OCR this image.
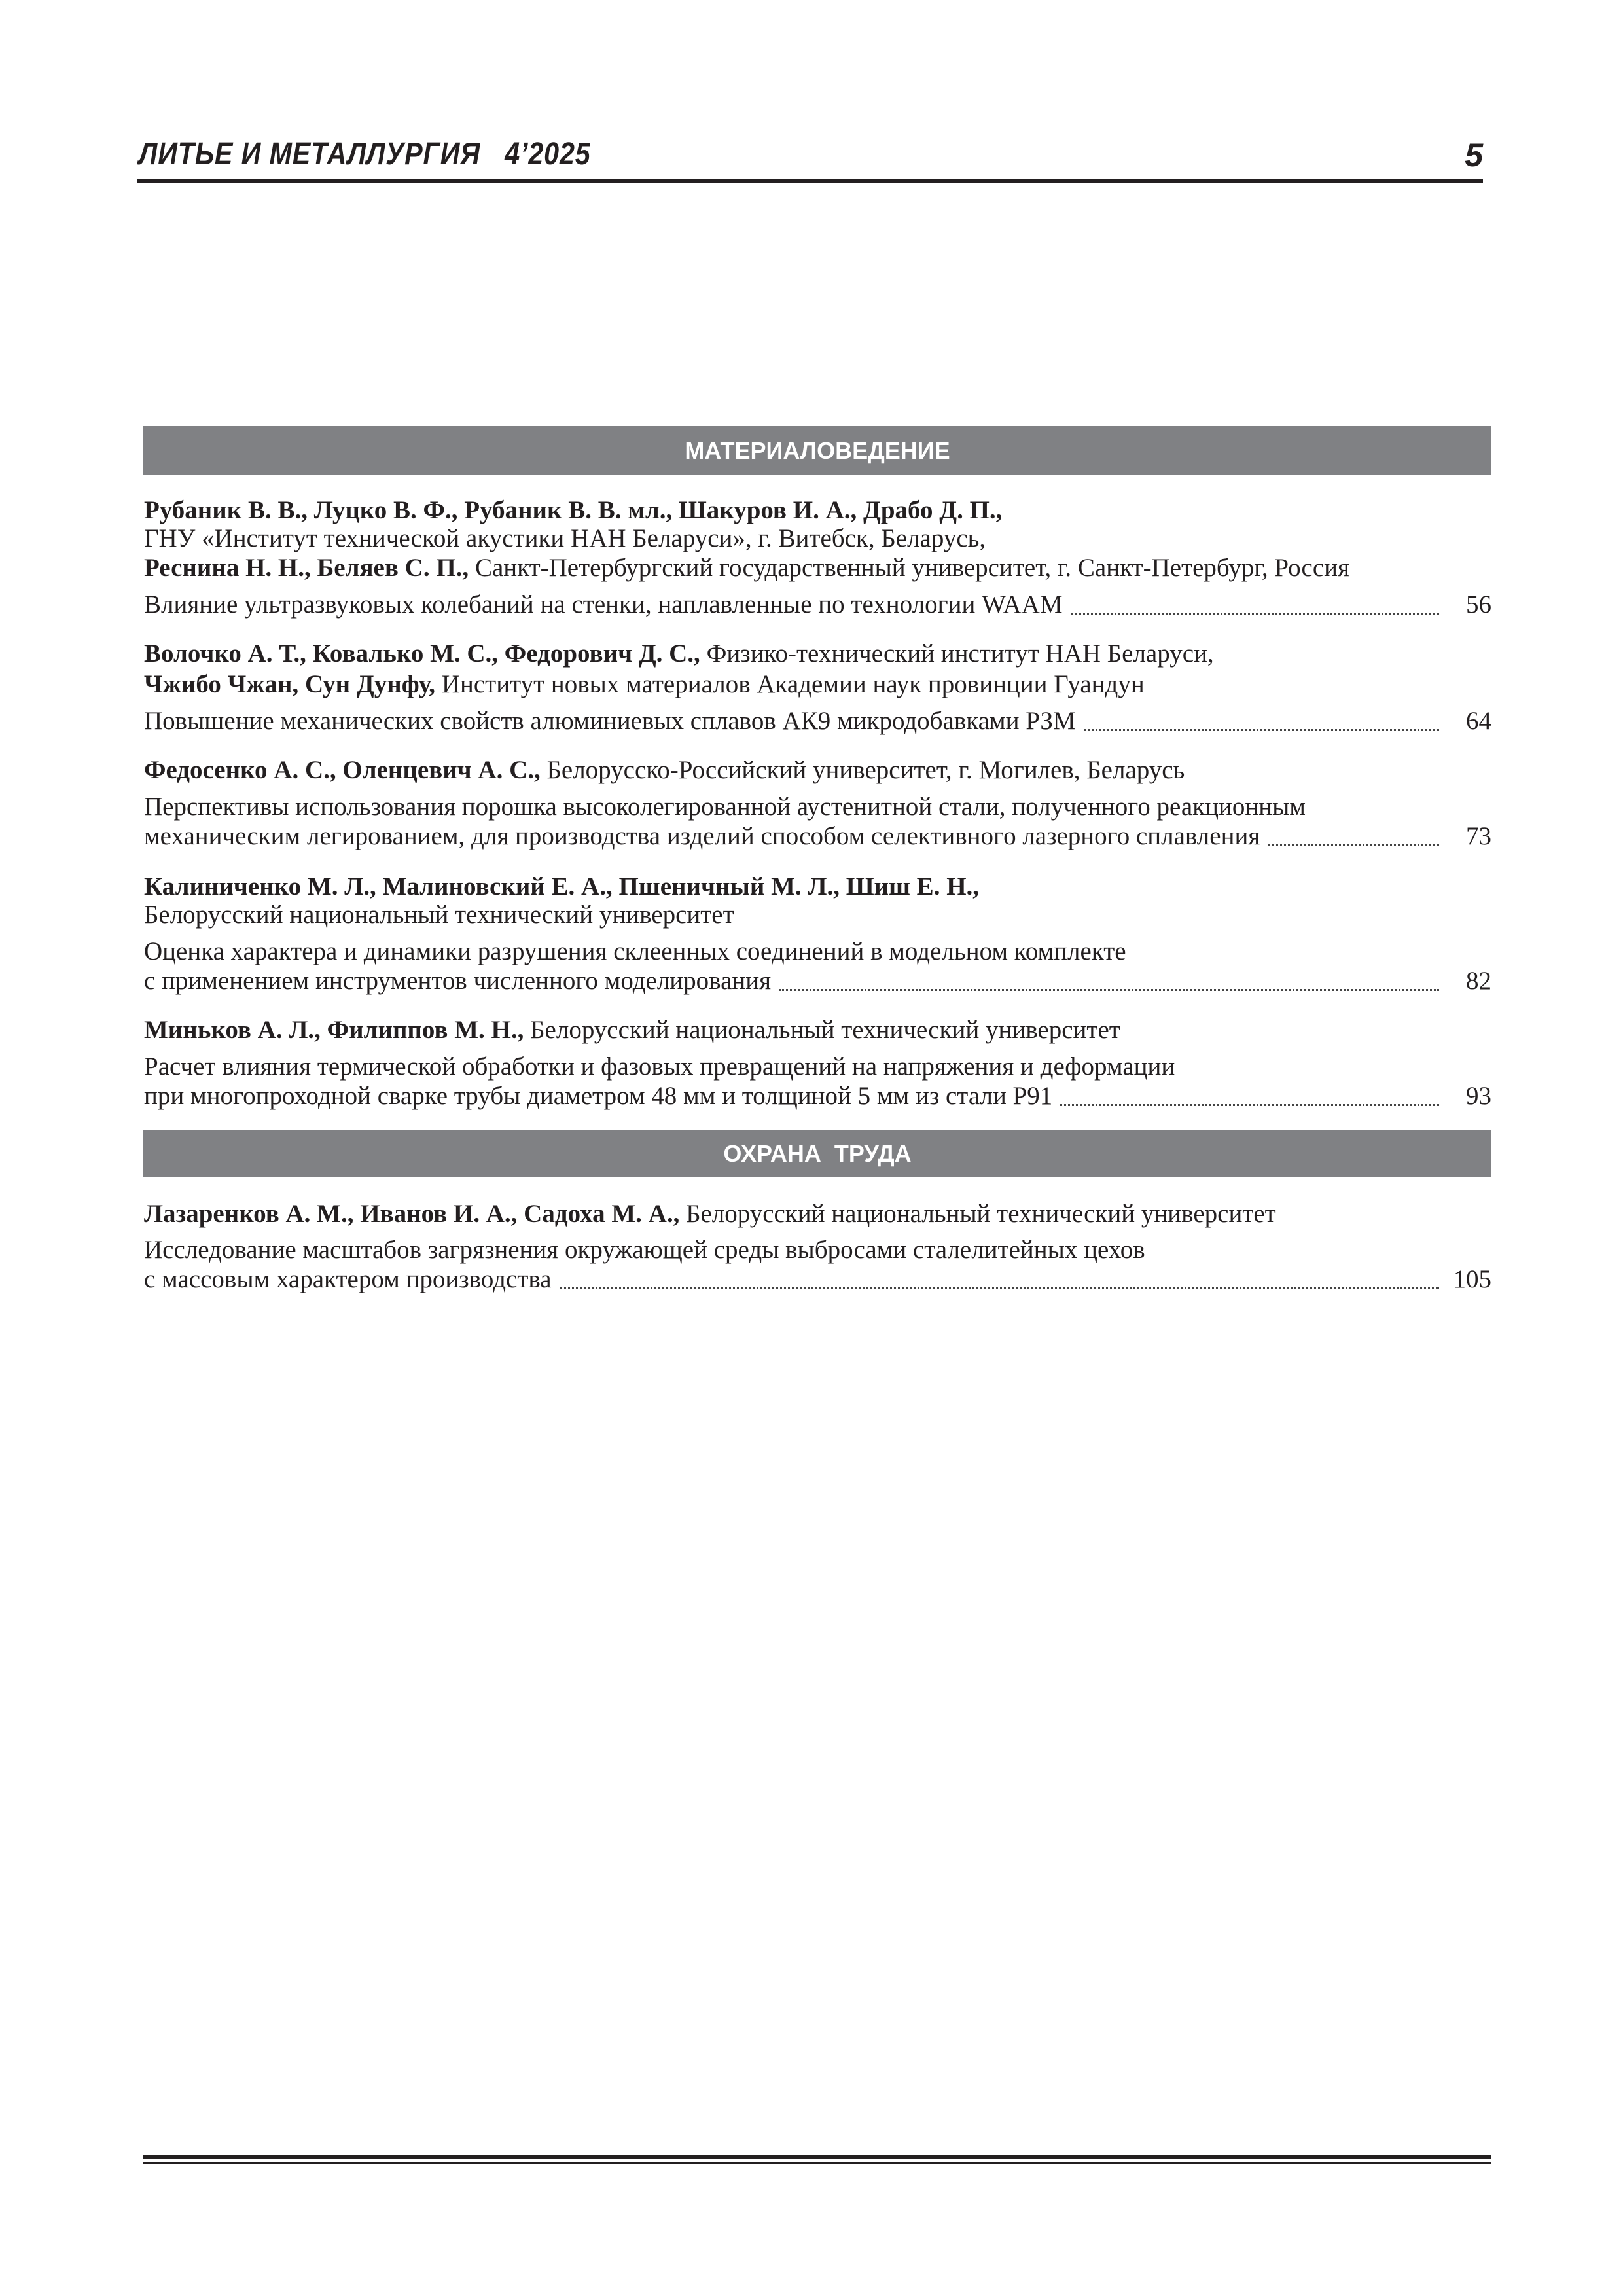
ЛИТЬЕ И МЕТАЛЛУРГИЯ   4’2025	5
МАТЕРИАЛОВЕДЕНИЕ
Рубаник В. В., Луцко В. Ф., Рубаник В. В. мл., Шакуров И. А., Драбо Д. П.,
ГНУ «Институт технической акустики НАН Беларуси», г. Витебск, Беларусь,
Реснина Н. Н., Беляев С. П., Санкт-Петербургский государственный университет, г. Санкт-Петербург, Россия
Влияние ультразвуковых колебаний на стенки, наплавленные по технологии WAAM	56
Волочко А. Т., Ковалько М. С., Федорович Д. С., Физико-технический институт НАН Беларуси,
Чжибо Чжан, Сун Дунфу, Институт новых материалов Академии наук провинции Гуандун
Повышение механических свойств алюминиевых сплавов АК9 микродобавками РЗМ	64
Федосенко А. С., Оленцевич А. С., Белорусско-Российский университет, г. Могилев, Беларусь
Перспективы использования порошка высоколегированной аустенитной стали, полученного реакционным
механическим легированием, для производства изделий способом селективного лазерного сплавления	73
Калиниченко М. Л., Малиновский Е. А., Пшеничный М. Л., Шиш Е. Н.,
Белорусский национальный технический университет
Оценка характера и динамики разрушения склеенных соединений в модельном комплекте
с применением инструментов численного моделирования	82
Миньков А. Л., Филиппов М. Н., Белорусский национальный технический университет
Расчет влияния термической обработки и фазовых превращений на напряжения и деформации
при многопроходной сварке трубы диаметром 48 мм и толщиной 5 мм из стали Р91	93
ОХРАНА  ТРУДА
Лазаренков А. М., Иванов И. А., Садоха М. А., Белорусский национальный технический университет
Исследование масштабов загрязнения окружающей среды выбросами сталелитейных цехов
с массовым характером производства	105
